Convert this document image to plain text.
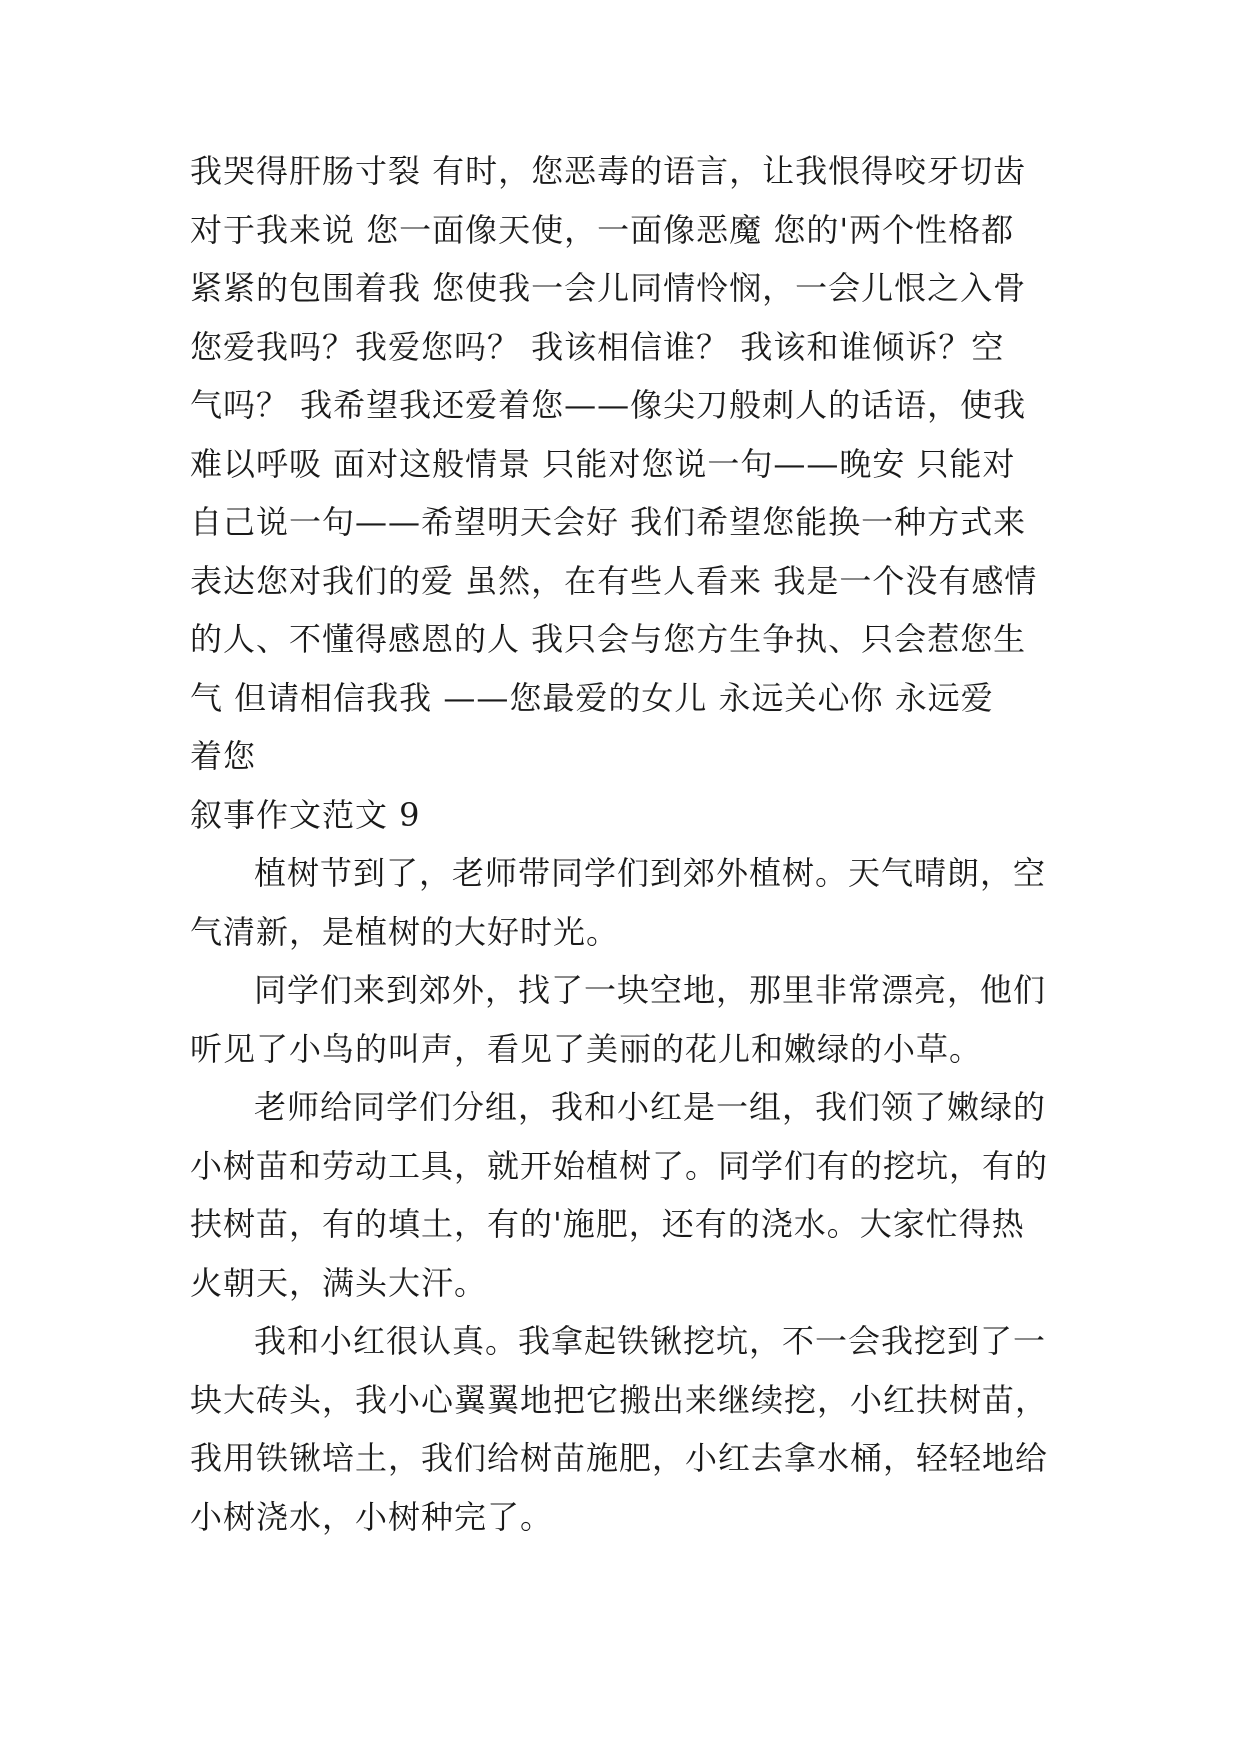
我哭得肝肠寸裂 有时，您恶毒的语言，让我恨得咬牙切齿

对于我来说 您一面像天使，一面像恶魔 您的'两个性格都

紧紧的包围着我 您使我一会儿同情怜悯，一会儿恨之入骨

您爱我吗？我爱您吗？ 我该相信谁？ 我该和谁倾诉？空

气吗？ 我希望我还爱着您——像尖刀般刺人的话语，使我

难以呼吸 面对这般情景 只能对您说一句——晚安 只能对

自己说一句——希望明天会好 我们希望您能换一种方式来

表达您对我们的爱 虽然，在有些人看来 我是一个没有感情

的人、不懂得感恩的人 我只会与您方生争执、只会惹您生

气 但请相信我我 ——您最爱的女儿 永远关心你 永远爱

着您

叙事作文范文 9

植树节到了，老师带同学们到郊外植树。天气晴朗，空

气清新，是植树的大好时光。

同学们来到郊外，找了一块空地，那里非常漂亮，他们

听见了小鸟的叫声，看见了美丽的花儿和嫩绿的小草。

老师给同学们分组，我和小红是一组，我们领了嫩绿的

小树苗和劳动工具，就开始植树了。同学们有的挖坑，有的

扶树苗，有的填土，有的'施肥，还有的浇水。大家忙得热

火朝天，满头大汗。

我和小红很认真。我拿起铁锹挖坑，不一会我挖到了一

块大砖头，我小心翼翼地把它搬出来继续挖，小红扶树苗，

我用铁锹培土，我们给树苗施肥，小红去拿水桶，轻轻地给

小树浇水，小树种完了。
